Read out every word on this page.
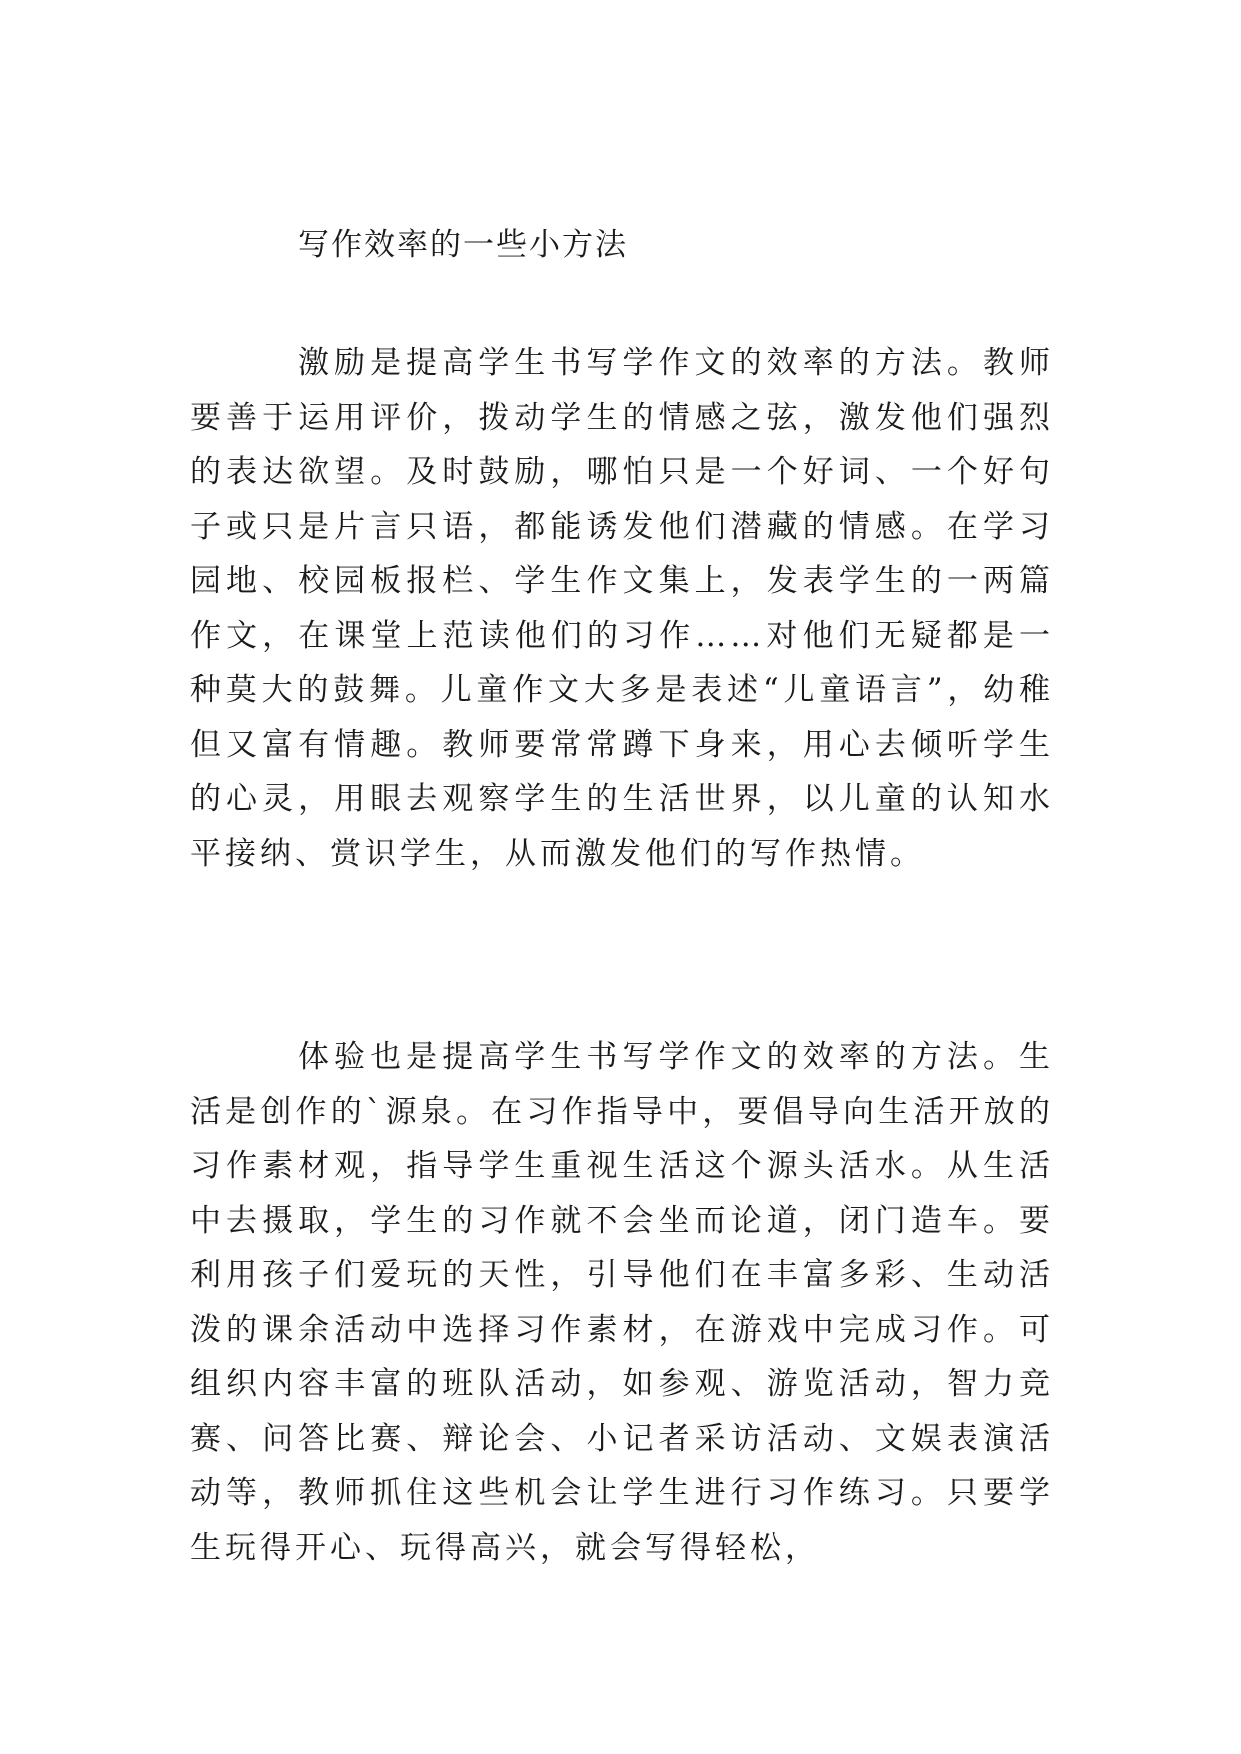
写作效率的一些小方法

激励是提高学生书写学作文的效率的方法。教师要善于运用评价，拨动学生的情感之弦，激发他们强烈的表达欲望。及时鼓励，哪怕只是一个好词、一个好句子或只是片言只语，都能诱发他们潜藏的情感。在学习园地、校园板报栏、学生作文集上，发表学生的一两篇作文，在课堂上范读他们的习作……对他们无疑都是一种莫大的鼓舞。儿童作文大多是表述“儿童语言”，幼稚但又富有情趣。教师要常常蹲下身来，用心去倾听学生的心灵，用眼去观察学生的生活世界，以儿童的认知水平接纳、赏识学生，从而激发他们的写作热情。

体验也是提高学生书写学作文的效率的方法。生活是创作的`源泉。在习作指导中，要倡导向生活开放的习作素材观，指导学生重视生活这个源头活水。从生活中去摄取，学生的习作就不会坐而论道，闭门造车。要利用孩子们爱玩的天性，引导他们在丰富多彩、生动活泼的课余活动中选择习作素材，在游戏中完成习作。可组织内容丰富的班队活动，如参观、游览活动，智力竞赛、问答比赛、辩论会、小记者采访活动、文娱表演活动等，教师抓住这些机会让学生进行习作练习。只要学生玩得开心、玩得高兴，就会写得轻松，
